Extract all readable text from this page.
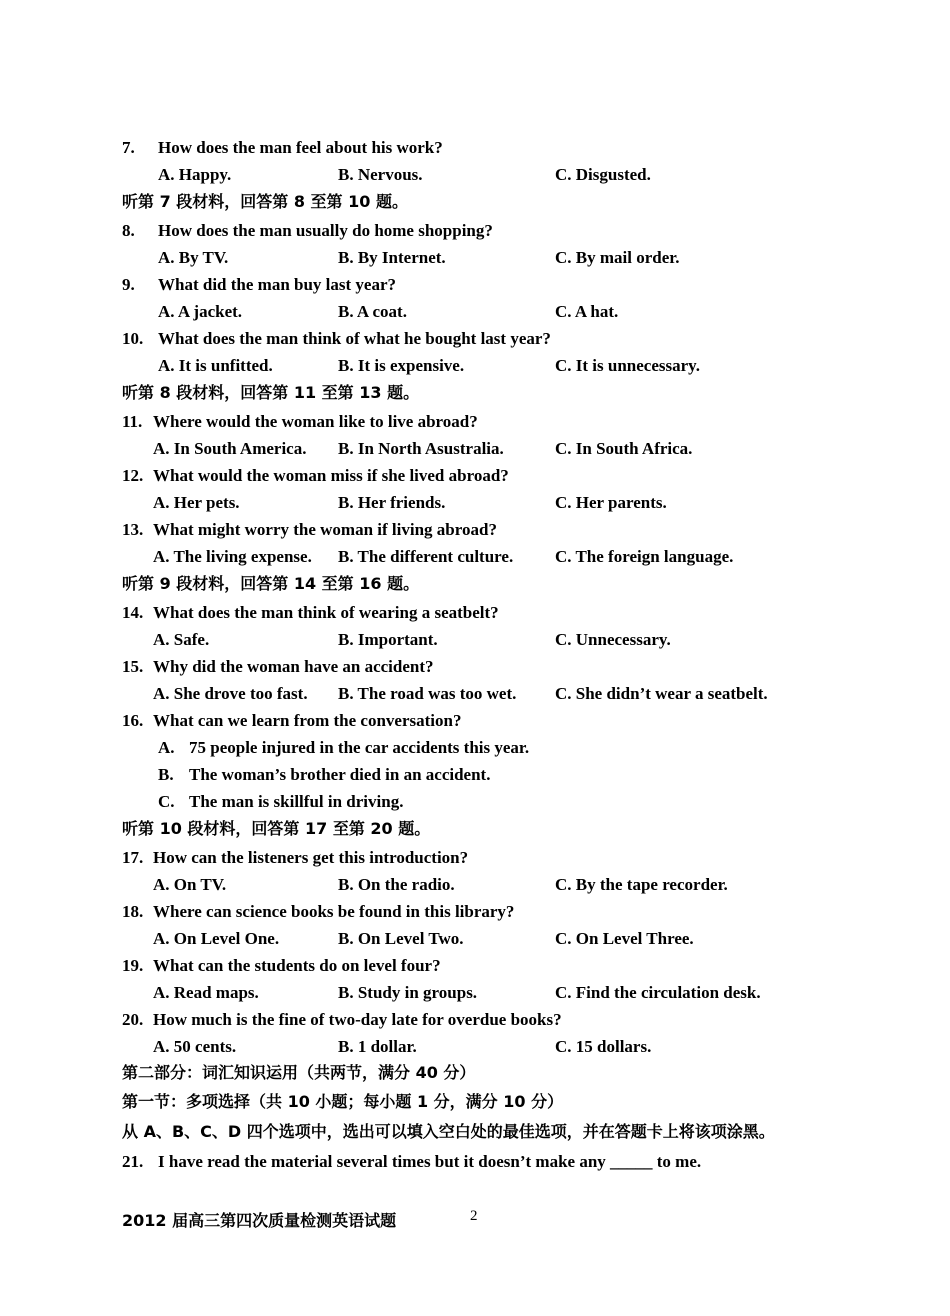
7. How does the man feel about his work?
A. Happy.	B. Nervous.	C. Disgusted.
听第 7 段材料，回答第 8 至第 10 题。
8. How does the man usually do home shopping?
A. By TV.	B. By Internet.	C. By mail order.
9. What did the man buy last year?
A. A jacket.	B. A coat.	C. A hat.
10. What does the man think of what he bought last year?
A. It is unfitted.	B. It is expensive.	C. It is unnecessary.
听第 8 段材料，回答第 11 至第 13 题。
11. Where would the woman like to live abroad?
A. In South America. B. In North Asustralia.	C. In South Africa.
12. What would the woman miss if she lived abroad?
A. Her pets.	B. Her friends.	C. Her parents.
13. What might worry the woman if living abroad?
A. The living expense. B. The different culture. C. The foreign language.
听第 9 段材料，回答第 14 至第 16 题。
14. What does the man think of wearing a seatbelt?
A. Safe.	B. Important.	C. Unnecessary.
15. Why did the woman have an accident?
A. She drove too fast. B. The road was too wet. C. She didn’t wear a seatbelt.
16. What can we learn from the conversation?
A. 75 people injured in the car accidents this year.
B. The woman’s brother died in an accident.
C. The man is skillful in driving.
听第 10 段材料，回答第 17 至第 20 题。
17. How can the listeners get this introduction?
A. On TV.	B. On the radio.	C. By the tape recorder.
18. Where can science books be found in this library?
A. On Level One.	B. On Level Two.	C. On Level Three.
19. What can the students do on level four?
A. Read maps.	B. Study in groups.	C. Find the circulation desk.
20. How much is the fine of two-day late for overdue books?
A. 50 cents.	B. 1 dollar.	C. 15 dollars.
第二部分：词汇知识运用（共两节，满分 40 分）
第一节：多项选择（共 10 小题；每小题 1 分，满分 10 分）
从 A、B、C、D 四个选项中，选出可以填入空白处的最佳选项，并在答题卡上将该项涂黑。
21. I have read the material several times but it doesn’t make any _____ to me.
2012 届高三第四次质量检测英语试题	2
